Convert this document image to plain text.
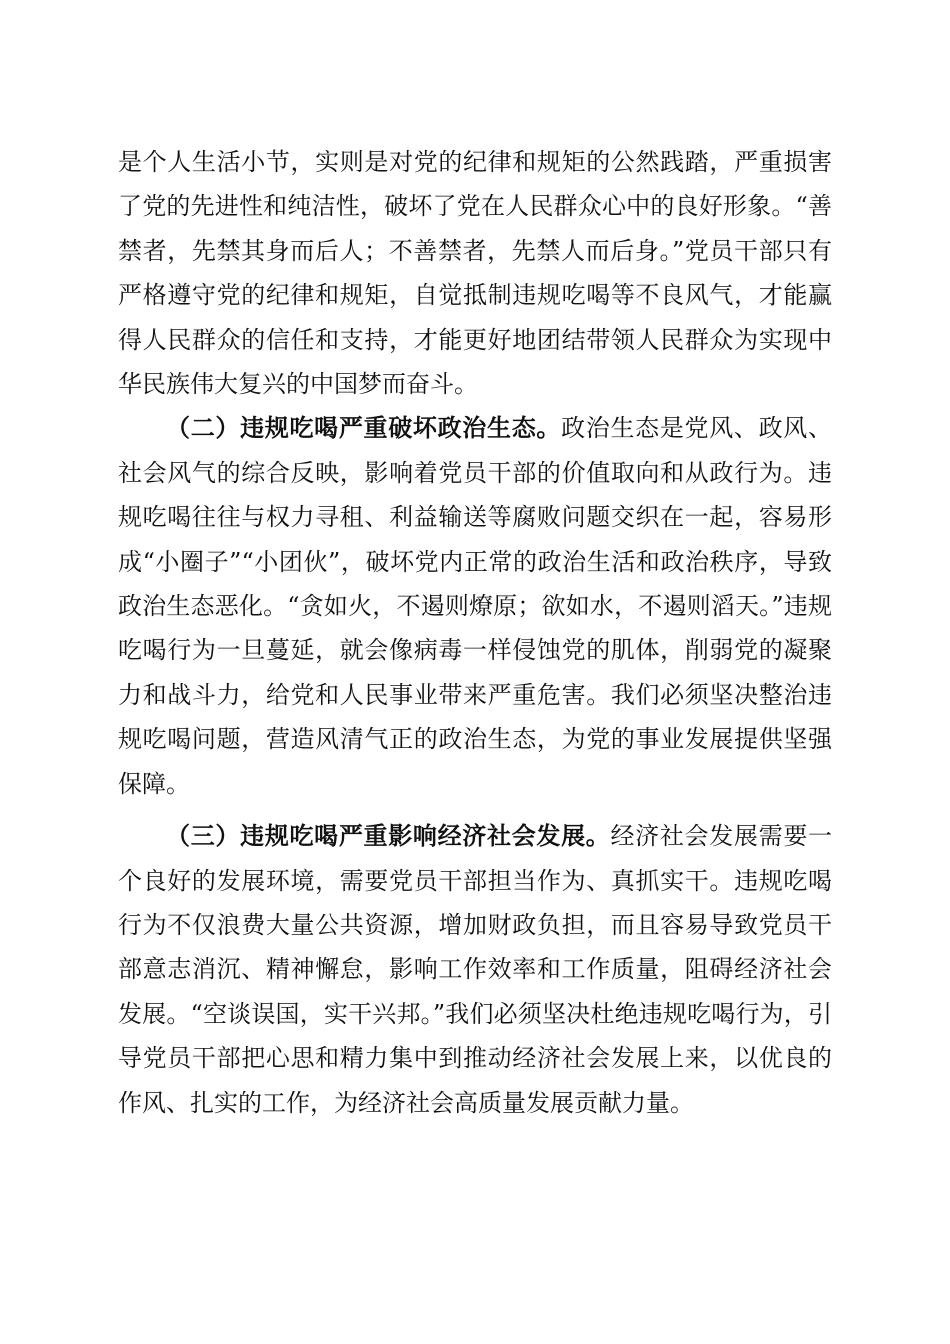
是个人生活小节，实则是对党的纪律和规矩的公然践踏，严重损害了党的先进性和纯洁性，破坏了党在人民群众心中的良好形象。“善禁者，先禁其身而后人；不善禁者，先禁人而后身。”党员干部只有严格遵守党的纪律和规矩，自觉抵制违规吃喝等不良风气，才能赢得人民群众的信任和支持，才能更好地团结带领人民群众为实现中华民族伟大复兴的中国梦而奋斗。

（二）违规吃喝严重破坏政治生态。政治生态是党风、政风、社会风气的综合反映，影响着党员干部的价值取向和从政行为。违规吃喝往往与权力寻租、利益输送等腐败问题交织在一起，容易形成“小圈子”“小团伙”，破坏党内正常的政治生活和政治秩序，导致政治生态恶化。“贪如火，不遏则燎原；欲如水，不遏则滔天。”违规吃喝行为一旦蔓延，就会像病毒一样侵蚀党的肌体，削弱党的凝聚力和战斗力，给党和人民事业带来严重危害。我们必须坚决整治违规吃喝问题，营造风清气正的政治生态，为党的事业发展提供坚强保障。

（三）违规吃喝严重影响经济社会发展。经济社会发展需要一个良好的发展环境，需要党员干部担当作为、真抓实干。违规吃喝行为不仅浪费大量公共资源，增加财政负担，而且容易导致党员干部意志消沉、精神懈怠，影响工作效率和工作质量，阻碍经济社会发展。“空谈误国，实干兴邦。”我们必须坚决杜绝违规吃喝行为，引导党员干部把心思和精力集中到推动经济社会发展上来，以优良的作风、扎实的工作，为经济社会高质量发展贡献力量。
